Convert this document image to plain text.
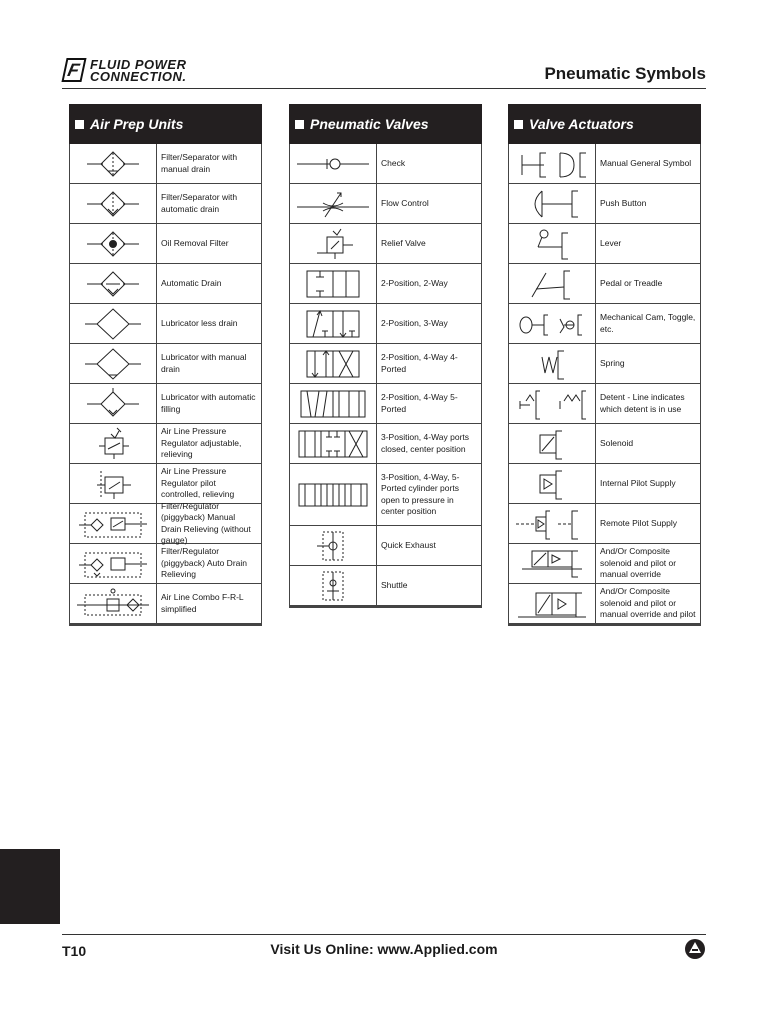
F FLUID POWER
CONNECTION.	Pneumatic Symbols
Air Prep Units
Filter/Separator with manual drain
Filter/Separator with automatic drain
Oil Removal Filter
Automatic Drain
Lubricator less drain
Lubricator with manual drain
Lubricator with automatic filling
Air Line Pressure Regulator adjustable, relieving
Air Line Pressure Regulator pilot controlled, relieving
Filter/Regulator (piggyback) Manual Drain Relieving (without gauge)
Filter/Regulator (piggyback) Auto Drain Relieving
Air Line Combo F-R-L simplified
Pneumatic Valves
Check
Flow Control
Relief Valve
2-Position, 2-Way
2-Position, 3-Way
2-Position, 4-Way 4-Ported
2-Position, 4-Way 5-Ported
3-Position, 4-Way ports closed, center position
3-Position, 4-Way, 5-Ported cylinder ports open to pressure in center position
Quick Exhaust
Shuttle
Valve Actuators
Manual General Symbol
Push Button
Lever
Pedal or Treadle
Mechanical Cam, Toggle, etc.
Spring
Detent - Line indicates which detent is in use
Solenoid
Internal Pilot Supply
Remote Pilot Supply
And/Or Composite solenoid and pilot or manual override
And/Or Composite solenoid and pilot or manual override and pilot
T10	Visit Us Online: www.Applied.com
